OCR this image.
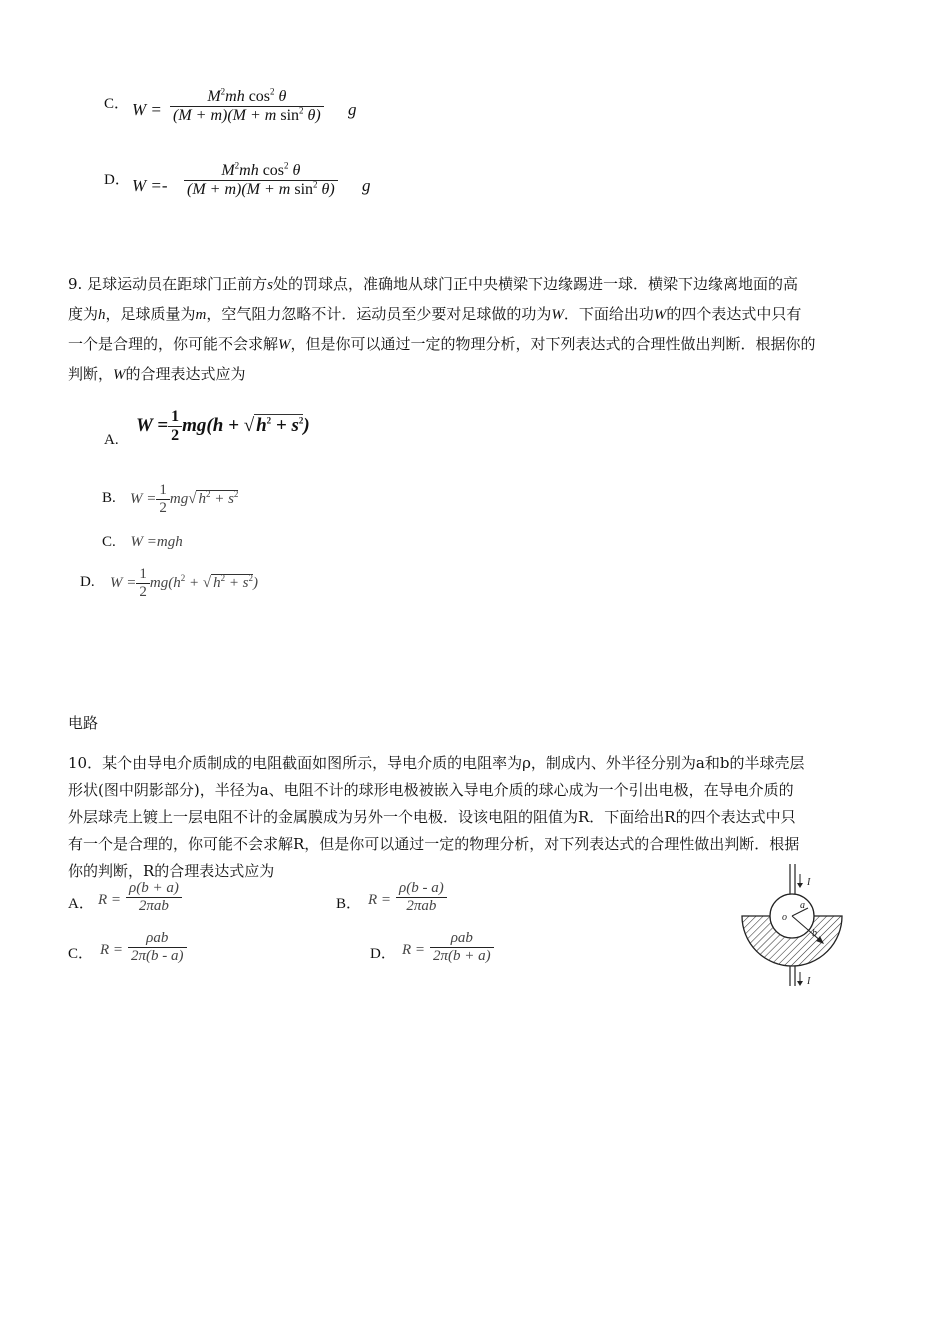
C． $W = \frac{M^2mh \cos^2 \theta}{(M + m)(M + m \sin^2 \theta)}$ g
D． $W =- \frac{M^2mh \cos^2 \theta}{(M + m)(M + m \sin^2 \theta)}$ g

9. 足球运动员在距球门正前方s处的罚球点，准确地从球门正中央横梁下边缘踢进一球．横梁下边缘离地面的高

度为h，足球质量为m，空气阻力忽略不计．运动员至少要对足球做的功为W．下面给出功W的四个表达式中只有

一个是合理的，你可能不会求解W，但是你可以通过一定的物理分析，对下列表达式的合理性做出判断．根据你的

判断，W的合理表达式应为

A.
$W = \frac{1}{2} mg(h$ + √ $h^2 + s^2$)
B. $W = \frac{1}{2} mg√$ $h^2 + s^2$
C. W =mgh
D. $W = \frac{1}{2} mg(h^2$ + √ $h^2 + s^2$)
电路

10．某个由导电介质制成的电阻截面如图所示，导电介质的电阻率为ρ，制成内、外半径分别为a和b的半球壳层

形状(图中阴影部分)，半径为a、电阻不计的球形电极被嵌入导电介质的球心成为一个引出电极，在导电介质的

外层球壳上镀上一层电阻不计的金属膜成为另外一个电极．设该电阻的阻值为R．下面给出R的四个表达式中只

有一个是合理的，你可能不会求解R，但是你可以通过一定的物理分析，对下列表达式的合理性做出判断．根据

你的判断，R的合理表达式应为

A． R =
ρ(b + a)
2πab	B． R =
ρ(b - a)
2πab
C． R =
ρab
2π(b - a)	D． R =
ρab
2π(b + a)
I
o
a
b
I
